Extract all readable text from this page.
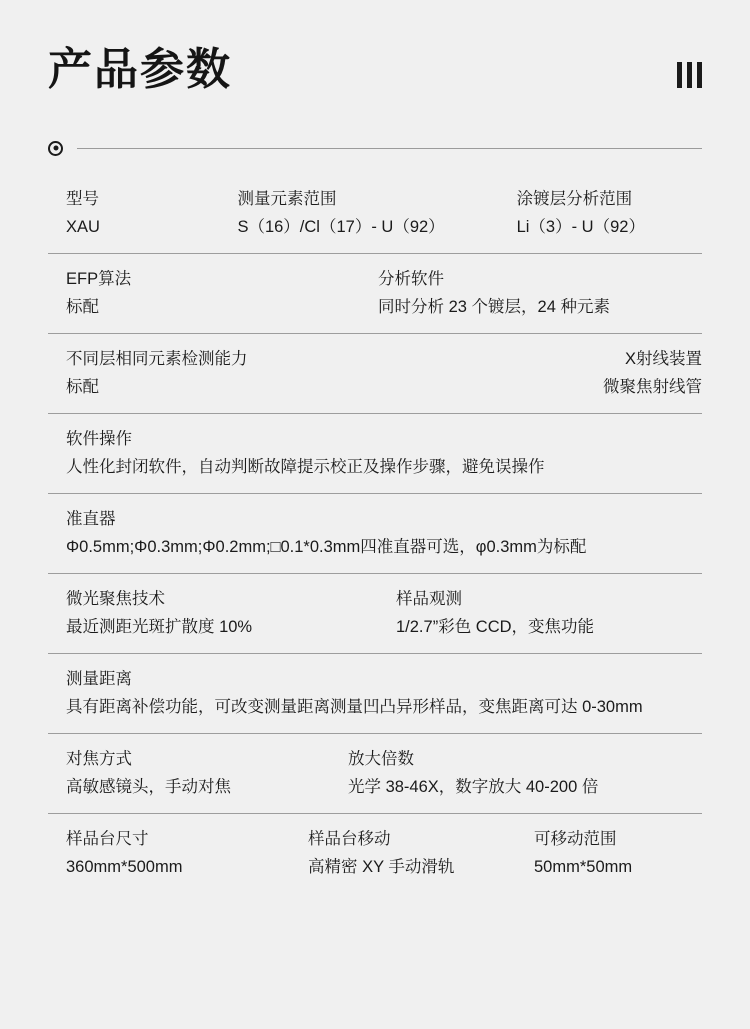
产品参数
型号
XAU
测量元素范围
S（16）/Cl（17）- U（92）
涂镀层分析范围
Li（3）- U（92）
EFP算法
标配
分析软件
同时分析 23 个镀层，24 种元素
不同层相同元素检测能力
标配
X射线装置
微聚焦射线管
软件操作
人性化封闭软件，自动判断故障提示校正及操作步骤，避免误操作
准直器
Φ0.5mm;Φ0.3mm;Φ0.2mm;□0.1*0.3mm四准直器可选，φ0.3mm为标配
微光聚焦技术
最近测距光斑扩散度 10%
样品观测
1/2.7”彩色 CCD，变焦功能
测量距离
具有距离补偿功能，可改变测量距离测量凹凸异形样品，变焦距离可达 0-30mm
对焦方式
高敏感镜头，手动对焦
放大倍数
光学 38-46X，数字放大 40-200 倍
样品台尺寸
360mm*500mm
样品台移动
高精密 XY 手动滑轨
可移动范围
50mm*50mm
